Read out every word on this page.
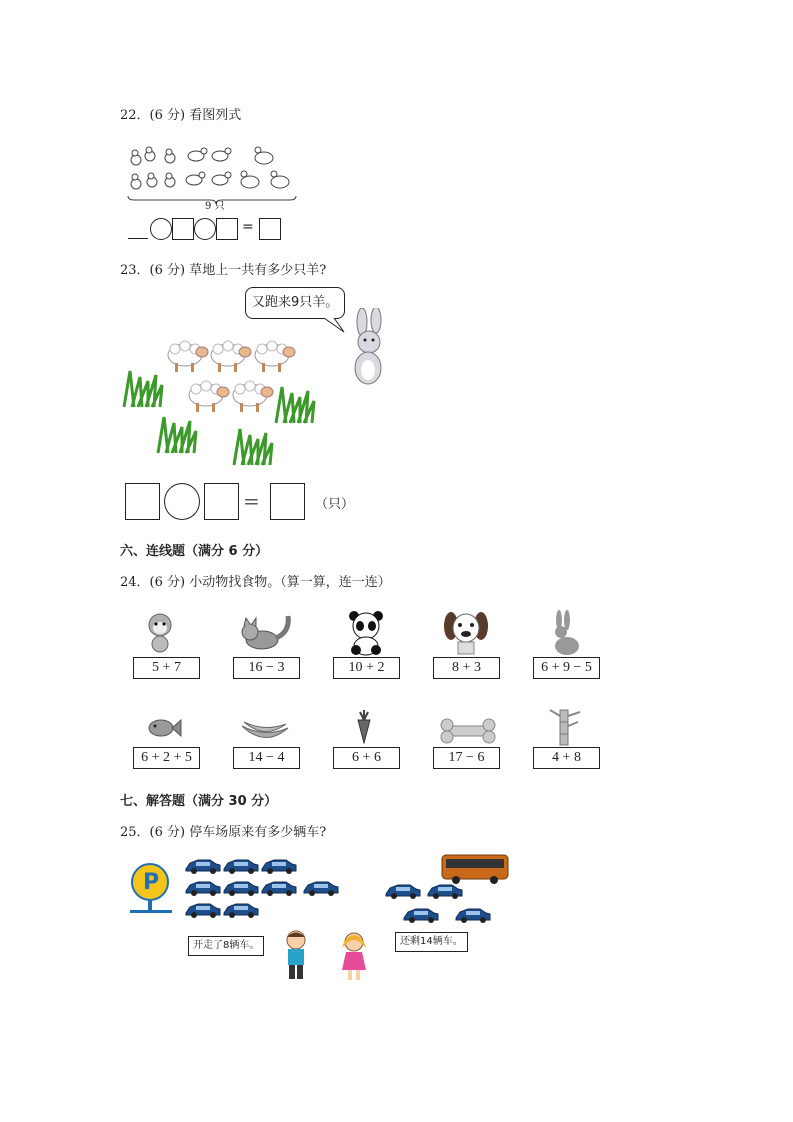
22．(6 分) 看图列式
9 只
=
23．(6 分) 草地上一共有多少只羊?
又跑来9只羊。
=	（只）
六、连线题（满分 6 分）
24．(6 分) 小动物找食物。（算一算，连一连）
5 + 7	16 − 3	10 + 2	8 + 3	6 + 9 − 5
6 + 2 + 5	14 − 4	6 + 6	17 − 6	4 + 8
七、解答题（满分 30 分）
25．(6 分) 停车场原来有多少辆车?
P
开走了8辆车。	还剩14辆车。
